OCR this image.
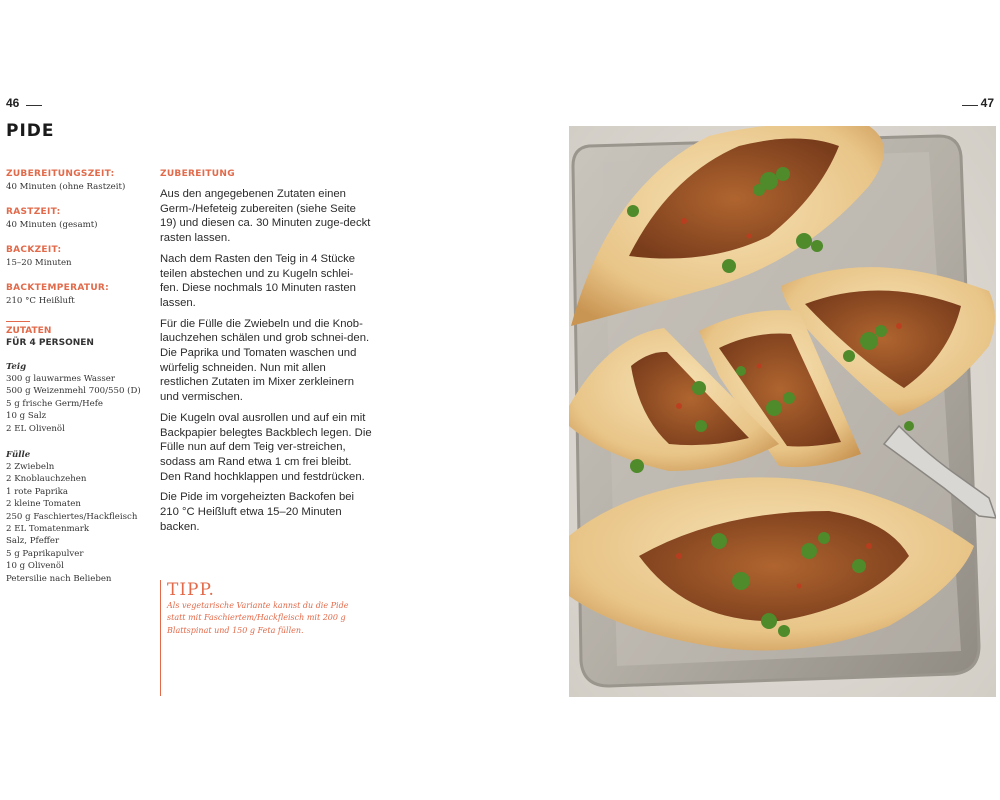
46	47
PIDE
ZUBEREITUNGSZEIT:
40 Minuten (ohne Rastzeit)
RASTZEIT:
40 Minuten (gesamt)
BACKZEIT:
15–20 Minuten
BACKTEMPERATUR:
210 °C Heißluft
ZUTATEN
FÜR 4 PERSONEN
Teig
300 g lauwarmes Wasser
500 g Weizenmehl 700/550 (D)
5 g frische Germ/Hefe
10 g Salz
2 EL Olivenöl
Fülle
2 Zwiebeln
2 Knoblauchzehen
1 rote Paprika
2 kleine Tomaten
250 g Faschiertes/Hackfleisch
2 EL Tomatenmark
Salz, Pfeffer
5 g Paprikapulver
10 g Olivenöl
Petersilie nach Belieben
ZUBEREITUNG

Aus den angegebenen Zutaten einen Germ-/Hefeteig zubereiten (siehe Seite 19) und diesen ca. 30 Minuten zuge-deckt rasten lassen.

Nach dem Rasten den Teig in 4 Stücke teilen abstechen und zu Kugeln schlei-fen. Diese nochmals 10 Minuten rasten lassen.

Für die Fülle die Zwiebeln und die Knob-lauchzehen schälen und grob schnei-den. Die Paprika und Tomaten waschen und würfelig schneiden. Nun mit allen restlichen Zutaten im Mixer zerkleinern und vermischen.

Die Kugeln oval ausrollen und auf ein mit Backpapier belegtes Backblech legen. Die Fülle nun auf dem Teig ver-streichen, sodass am Rand etwa 1 cm frei bleibt. Den Rand hochklappen und festdrücken.

Die Pide im vorgeheizten Backofen bei 210 °C Heißluft etwa 15–20 Minuten backen.

TIPP.
Als vegetarische Variante kannst du die Pide statt mit Faschiertem/Hackfleisch mit 200 g Blattspinat und 150 g Feta füllen.
